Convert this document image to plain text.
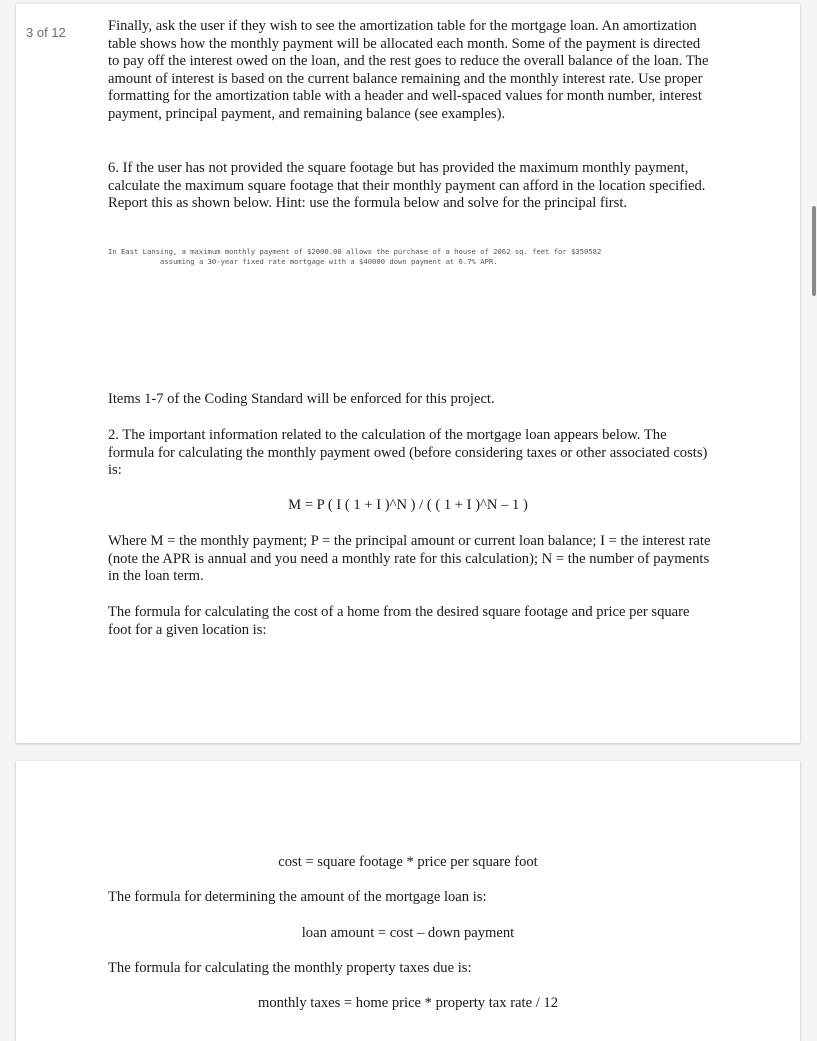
Finally, ask the user if they wish to see the amortization table for the mortgage loan. An amortization table shows how the monthly payment will be allocated each month. Some of the payment is directed to pay off the interest owed on the loan, and the rest goes to reduce the overall balance of the loan. The amount of interest is based on the current balance remaining and the monthly interest rate. Use proper formatting for the amortization table with a header and well-spaced values for month number, interest payment, principal payment, and remaining balance (see examples).

6. If the user has not provided the square footage but has provided the maximum monthly payment, calculate the maximum square footage that their monthly payment can afford in the location specified. Report this as shown below. Hint: use the formula below and solve for the principal first.

In East Lansing, a maximum monthly payment of $2000.00 allows the purchase of a house of 2062 sq. feet for $350582
assuming a 30-year fixed rate mortgage with a $40000 down payment at 6.7% APR.

Items 1-7 of the Coding Standard will be enforced for this project.

2. The important information related to the calculation of the mortgage loan appears below. The formula for calculating the monthly payment owed (before considering taxes or other associated costs) is:

M = P ( I ( 1 + I )^N ) / ( ( 1 + I )^N – 1 )

Where M = the monthly payment; P = the principal amount or current loan balance; I = the interest rate (note the APR is annual and you need a monthly rate for this calculation); N = the number of payments in the loan term.

The formula for calculating the cost of a home from the desired square footage and price per square foot for a given location is:

cost = square footage * price per square foot

The formula for determining the amount of the mortgage loan is:

loan amount = cost – down payment

The formula for calculating the monthly property taxes due is:

monthly taxes = home price * property tax rate / 12

3 of 12
